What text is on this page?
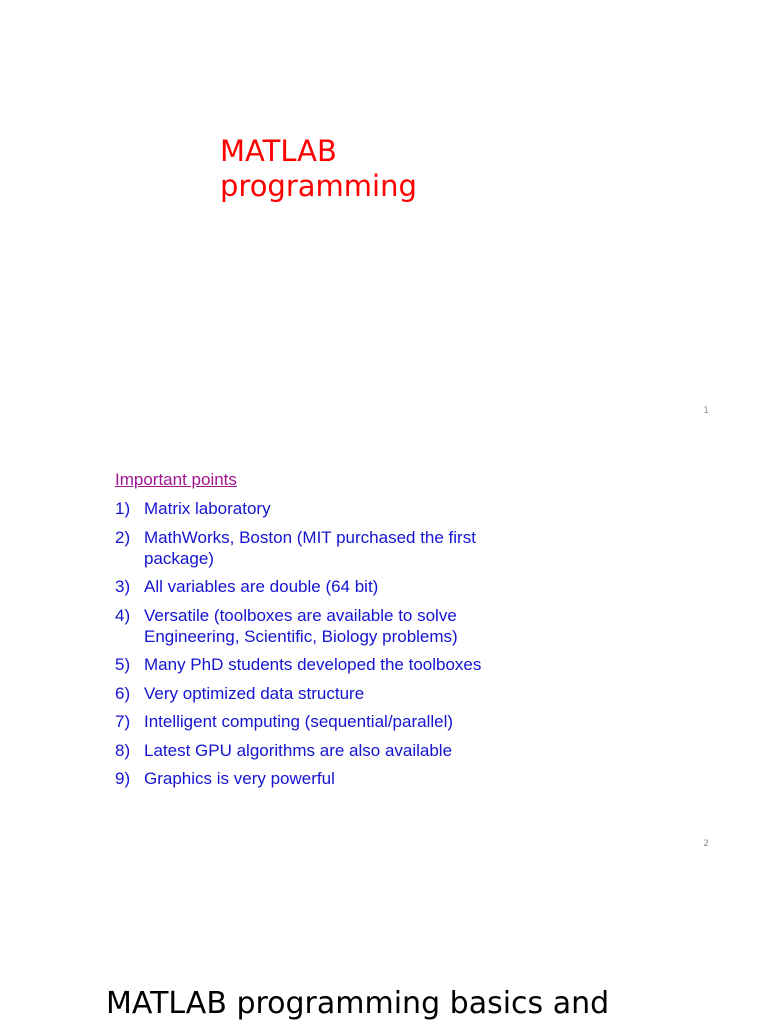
MATLAB programming
1
Important points
1) Matrix laboratory
2) MathWorks, Boston (MIT purchased the first package)
3) All variables are double (64 bit)
4) Versatile (toolboxes are available to solve Engineering, Scientific, Biology problems)
5) Many PhD students developed the toolboxes
6) Very optimized data structure
7) Intelligent computing (sequential/parallel)
8) Latest GPU algorithms are also available
9) Graphics is very powerful
2
MATLAB programming basics and
